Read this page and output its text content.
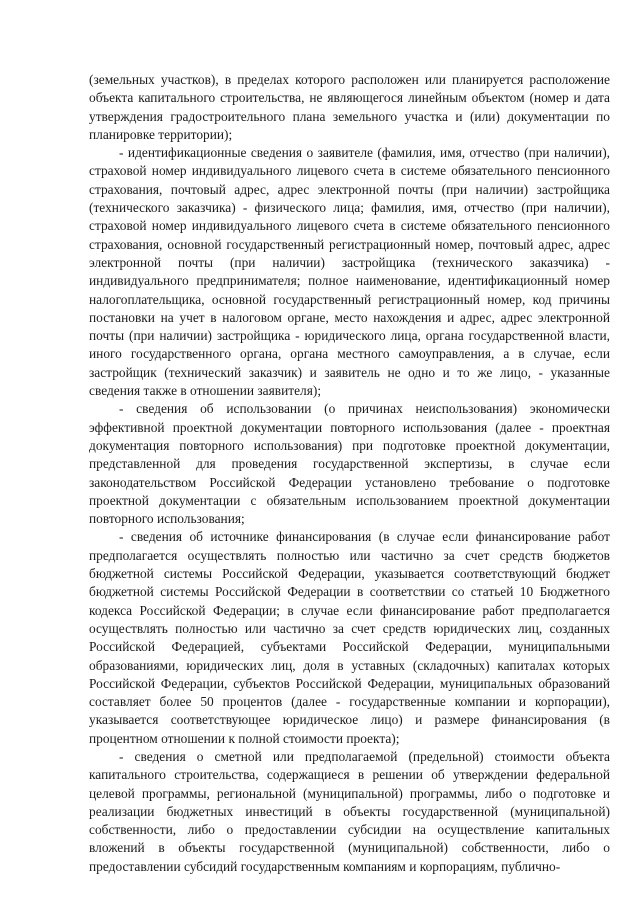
(земельных участков), в пределах которого расположен или планируется расположение объекта капитального строительства, не являющегося линейным объектом (номер и дата утверждения градостроительного плана земельного участка и (или) документации по планировке территории);

- идентификационные сведения о заявителе (фамилия, имя, отчество (при наличии), страховой номер индивидуального лицевого счета в системе обязательного пенсионного страхования, почтовый адрес, адрес электронной почты (при наличии) застройщика (технического заказчика) - физического лица; фамилия, имя, отчество (при наличии), страховой номер индивидуального лицевого счета в системе обязательного пенсионного страхования, основной государственный регистрационный номер, почтовый адрес, адрес электронной почты (при наличии) застройщика (технического заказчика) - индивидуального предпринимателя; полное наименование, идентификационный номер налогоплательщика, основной государственный регистрационный номер, код причины постановки на учет в налоговом органе, место нахождения и адрес, адрес электронной почты (при наличии) застройщика - юридического лица, органа государственной власти, иного государственного органа, органа местного самоуправления, а в случае, если застройщик (технический заказчик) и заявитель не одно и то же лицо, - указанные сведения также в отношении заявителя);

- сведения об использовании (о причинах неиспользования) экономически эффективной проектной документации повторного использования (далее - проектная документация повторного использования) при подготовке проектной документации, представленной для проведения государственной экспертизы, в случае если законодательством Российской Федерации установлено требование о подготовке проектной документации с обязательным использованием проектной документации повторного использования;

- сведения об источнике финансирования (в случае если финансирование работ предполагается осуществлять полностью или частично за счет средств бюджетов бюджетной системы Российской Федерации, указывается соответствующий бюджет бюджетной системы Российской Федерации в соответствии со статьей 10 Бюджетного кодекса Российской Федерации; в случае если финансирование работ предполагается осуществлять полностью или частично за счет средств юридических лиц, созданных Российской Федерацией, субъектами Российской Федерации, муниципальными образованиями, юридических лиц, доля в уставных (складочных) капиталах которых Российской Федерации, субъектов Российской Федерации, муниципальных образований составляет более 50 процентов (далее - государственные компании и корпорации), указывается соответствующее юридическое лицо) и размере финансирования (в процентном отношении к полной стоимости проекта);

- сведения о сметной или предполагаемой (предельной) стоимости объекта капитального строительства, содержащиеся в решении об утверждении федеральной целевой программы, региональной (муниципальной) программы, либо о подготовке и реализации бюджетных инвестиций в объекты государственной (муниципальной) собственности, либо о предоставлении субсидии на осуществление капитальных вложений в объекты государственной (муниципальной) собственности, либо о предоставлении субсидий государственным компаниям и корпорациям, публично-
